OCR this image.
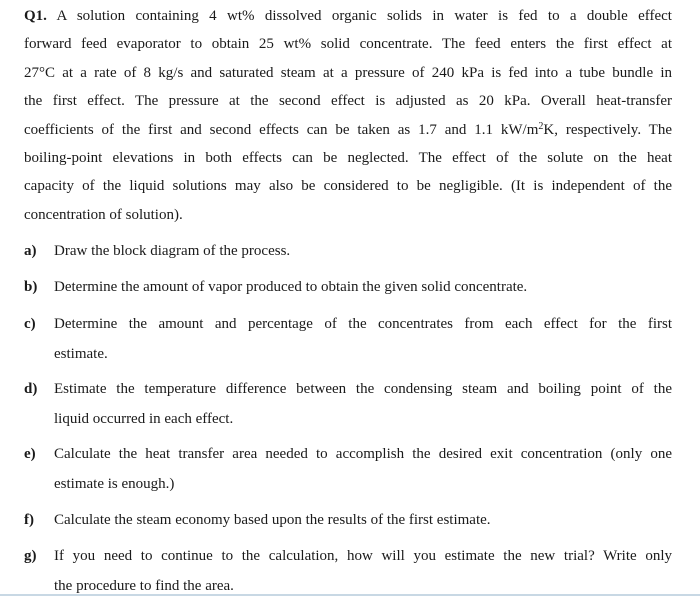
Q1. A solution containing 4 wt% dissolved organic solids in water is fed to a double effect
forward feed evaporator to obtain 25 wt% solid concentrate. The feed enters the first effect at
27°C at a rate of 8 kg/s and saturated steam at a pressure of 240 kPa is fed into a tube bundle in
the first effect. The pressure at the second effect is adjusted as 20 kPa. Overall heat-transfer
coefficients of the first and second effects can be taken as 1.7 and 1.1 $kW/m^2K$, respectively. The
boiling-point elevations in both effects can be neglected. The effect of the solute on the heat
capacity of the liquid solutions may also be considered to be negligible. (It is independent of the
concentration of solution).
a)	Draw the block diagram of the process.
b)	Determine the amount of vapor produced to obtain the given solid concentrate.
c)	Determine the amount and percentage of the concentrates from each effect for the first
estimate.
d)	Estimate the temperature difference between the condensing steam and boiling point of the
liquid occurred in each effect.
e)	Calculate the heat transfer area needed to accomplish the desired exit concentration (only one
estimate is enough.)
f)	Calculate the steam economy based upon the results of the first estimate.
g)	If you need to continue to the calculation, how will you estimate the new trial? Write only
the procedure to find the area.
